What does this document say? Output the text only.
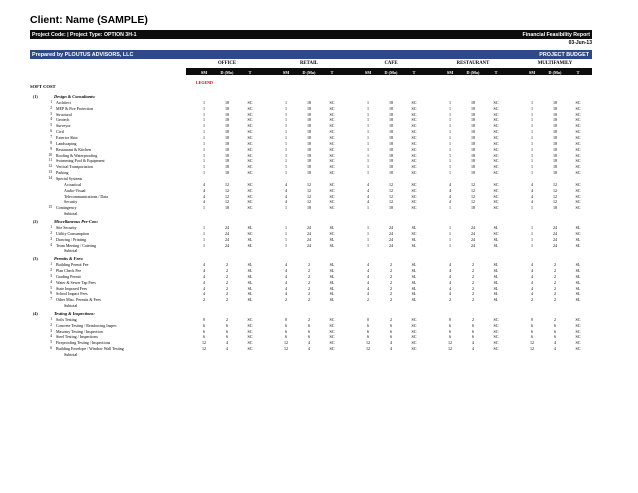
Client: Name (SAMPLE)
Project Code: | Project Type: OPTION 3H-1	Financial Feasibility Report
03-Jun-13
Prepared by PLOUTUS ADVISORS, LLC	PROJECT BUDGET
OFFICE	RETAIL	CAFE	RESTAURANT	MULTIFAMILY
SM	D (Mo)	T	SM	D (Mo)	T	SM	D (Mo)	T	SM	D (Mo)	T	SM	D (Mo)	T
LEGEND
SOFT COST
(1)	Design & Consultants:
1 Architect	1	18	SC	1	18	SC	1	18	SC	1	18	SC	1	18	SC
2 MEP & Fire Protection	1	18	SC	1	18	SC	1	18	SC	1	18	SC	1	18	SC
3 Structural	1	18	SC	1	18	SC	1	18	SC	1	18	SC	1	18	SC
4 Geotech	1	18	SC	1	18	SC	1	18	SC	1	18	SC	1	18	SC
5 Surveyor	1	18	SC	1	18	SC	1	18	SC	1	18	SC	1	18	SC
6 Civil	1	18	SC	1	18	SC	1	18	SC	1	18	SC	1	18	SC
7 Exterior Skin	1	18	SC	1	18	SC	1	18	SC	1	18	SC	1	18	SC
8 Landscaping	1	18	SC	1	18	SC	1	18	SC	1	18	SC	1	18	SC
9 Restaurant & Kitchen	1	18	SC	1	18	SC	1	18	SC	1	18	SC	1	18	SC
10 Roofing & Waterproofing	1	18	SC	1	18	SC	1	18	SC	1	18	SC	1	18	SC
11 Swimming Pool & Equipment	1	18	SC	1	18	SC	1	18	SC	1	18	SC	1	18	SC
12 Vertical Transportation	1	18	SC	1	18	SC	1	18	SC	1	18	SC	1	18	SC
13 Parking	1	18	SC	1	18	SC	1	18	SC	1	18	SC	1	18	SC
14 Special Systems
Acoustical	4	12	SC	4	12	SC	4	12	SC	4	12	SC	4	12	SC
Audio-Visual	4	12	SC	4	12	SC	4	12	SC	4	12	SC	4	12	SC
Telecommunications / Data	4	12	SC	4	12	SC	4	12	SC	4	12	SC	4	12	SC
Security	4	12	SC	4	12	SC	4	12	SC	4	12	SC	4	12	SC
15 Contingency	1	18	SC	1	18	SC	1	18	SC	1	18	SC	1	18	SC
Subtotal
(2)	Miscellaneous Pre-Con:
1 Site Security	1	24	SL	1	24	SL	1	24	SL	1	24	SL	1	24	SL
2 Utility Consumption	1	24	SC	1	24	SC	1	24	SC	1	24	SC	1	24	SC
3 Drawing / Printing	1	24	SL	1	24	SL	1	24	SL	1	24	SL	1	24	SL
4 Team Meeting / Catering	1	24	SL	1	24	SL	1	24	SL	1	24	SL	1	24	SL
Subtotal
(3)	Permits & Fees:
1 Building Permit Fee	4	2	SL	4	2	SL	4	2	SL	4	2	SL	4	2	SL
2 Plan Check Fee	4	2	SL	4	2	SL	4	2	SL	4	2	SL	4	2	SL
3 Grading Permit	4	2	SL	4	2	SL	4	2	SL	4	2	SL	4	2	SL
4 Water & Sewer Tap Fees	4	2	SL	4	2	SL	4	2	SL	4	2	SL	4	2	SL
5 State Imposed Fees	4	2	SL	4	2	SL	4	2	SL	4	2	SL	4	2	SL
6 School Impact Fees	4	2	SL	4	2	SL	4	2	SL	4	2	SL	4	2	SL
7 Other Misc. Permits & Fees	2	2	SL	2	2	SL	2	2	SL	2	2	SL	2	2	SL
Subtotal
(4)	Testing & Inspections:
1 Soils Testing	0	2	SC	0	2	SC	0	2	SC	0	2	SC	0	2	SC
2 Concrete Testing / Reinforcing Inspec	6	6	SC	6	6	SC	6	6	SC	6	6	SC	6	6	SC
3 Masonry Testing / Inspection	6	6	SC	6	6	SC	6	6	SC	6	6	SC	6	6	SC
4 Steel Testing / Inspections	6	6	SC	6	6	SC	6	6	SC	6	6	SC	6	6	SC
5 Fireproofing Testing / Inspections	12	4	SC	12	4	SC	12	4	SC	12	4	SC	12	4	SC
6 Building Envelope / Window Wall Testing	12	4	SC	12	4	SC	12	4	SC	12	4	SC	12	4	SC
Subtotal
